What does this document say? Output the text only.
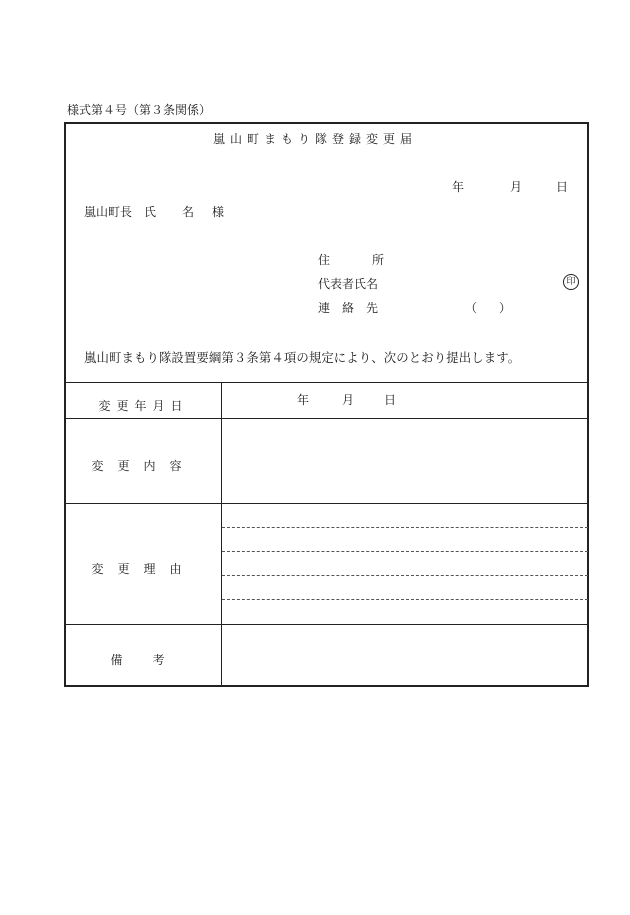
様式第４号（第３条関係）
嵐山町まもり隊登録変更届
年	月	日
嵐山町長 氏 名 様
住	所
代表者氏名	印
連 絡 先	（ ）
嵐山町まもり隊設置要綱第３条第４項の規定により、次のとおり提出します。
変更年月日	年	月 日
変更内容
変更理由
備考
